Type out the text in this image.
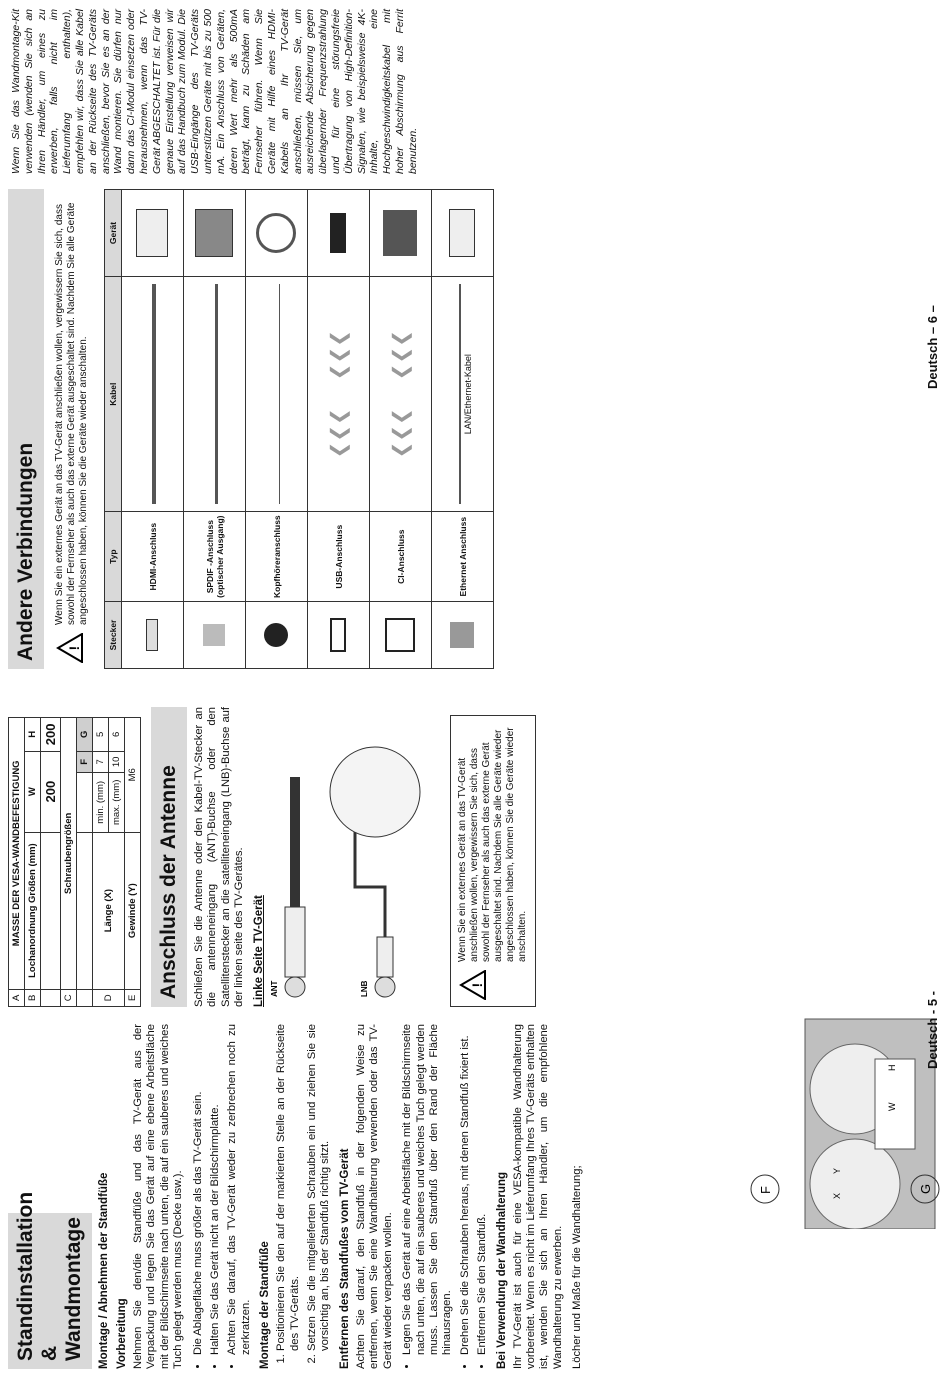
Standinstallation & Wandmontage	Montage / Abnehmen der Standfüße Vorbereitung Nehmen Sie den/die Standfüße und das TV-Gerät aus der Verpackung und legen Sie das Gerät auf eine ebene Arbeitsfläche mit der Bildschirmseite nach unten, die auf ein sauberes und weiches Tuch gelegt werden muss (Decke usw.). • Die Ablagefläche muss größer als das TV-Gerät sein. • Halten Sie das Gerät nicht an der Bildschirmplatte. • Achten Sie darauf, das TV-Gerät weder zu zerbrechen noch zu zerkratzen. Montage der Standfüße 1. Positionieren Sie den auf der markierten Stelle an der Rückseite des TV-Geräts. 2. Setzen Sie die mitgelieferten Schrauben ein und ziehen Sie sie vorsichtig an, bis der Standfuß richtig sitzt. Entfernen des Standfußes vom TV-Gerät Achten Sie darauf, den Standfuß in der folgenden Weise zu entfernen, wenn Sie eine Wandhalterung verwenden oder das TV-Gerät wieder verpacken wollen. • Legen Sie das Gerät auf eine Arbeitsfläche mit der Bildschirmseite nach unten, die auf ein sauberes und weiches Tuch gelegt werden muss. Lassen Sie den Standfuß über den Rand der Fläche hinausragen. • Drehen Sie die Schrauben heraus, mit denen Standfuß fixiert ist. • Entfernen Sie den Standfuß. Bei Verwendung der Wandhalterung Ihr TV-Gerät ist auch für eine VESA-kompatible Wandhalterung vorbereitet. Wenn es nicht im Lieferumfang Ihres TV-Geräts enthalten ist, wenden Sie sich an Ihren Händler, um die empfohlene Wandhalterung zu erwerben. Löcher und Maße für die Wandhalterung;	F	G
X
Y
W
H
A	MASSE DER VESA-WANDBEFESTIGUNG			
B	Lochanordnung Größen (mm)	W		H
		200		200
C	Schraubengrößen			
			F	G
D	Länge (X)	min. (mm)	7	5
		max. (mm)	10	6
E	Gewinde (Y)	M6		Anschluss der Antenne	Schließen Sie die Antenne oder den Kabel-TV-Stecker an die antenneneingang (ANT)-Buchse oder den Satellitenstecker an die satelliteneingang (LNB)-Buchse auf der linken seite des TV-Gerätes. Linke Seite TV-Gerät ANT	LNB	!
Wenn Sie ein externes Gerät an das TV-Gerät anschließen wollen, vergewissern Sie sich, dass sowohl der Fernseher als auch das externe Gerät ausgeschaltet sind. Nachdem Sie alle Geräte wieder angeschlossen haben, können Sie die Geräte wieder anschalten.
Deutsch - 5 -
Andere Verbindungen	!
Wenn Sie ein externes Gerät an das TV-Gerät anschließen wollen, vergewissern Sie sich, dass sowohl der Fernseher als auch das externe Gerät ausgeschaltet sind. Nachdem Sie alle Geräte angeschlossen haben, können Sie die Geräte wieder anschalten.
Stecker	Typ	Kabel	Gerät
	HDMI-Anschluss		
	SPDIF -Anschluss (optischer Ausgang)		
	Kopfhöreranschluss		
	USB-Anschluss	❮❮❮     ❮❮❮	
	CI-Anschluss	❮❮❮     ❮❮❮	
	Ethernet Anschluss	LAN/Ethernet-Kabel	

Wenn Sie das Wandmontage-Kit verwenden (wenden Sie sich an Ihren Händler, um eines zu erwerben, falls nicht im Lieferumfang enthalten), empfehlen wir, dass Sie alle Kabel an der Rückseite des TV-Geräts anschließen, bevor Sie es an der Wand montieren. Sie dürfen nur dann das CI-Modul einsetzen oder herausnehmen, wenn das TV-Gerät ABGESCHALTET ist. Für die genaue Einstellung verweisen wir auf das Handbuch zum Modul. Die USB-Eingänge des TV-Geräts unterstützen Geräte mit bis zu 500 mA. Ein Anschluss von Geräten, deren Wert mehr als 500mA beträgt, kann zu Schäden am Fernseher führen. Wenn Sie Geräte mit Hilfe eines HDMI-Kabels an Ihr TV-Gerät anschließen, müssen Sie, um ausreichende Absicherung gegen überlagernder Frequenzstrahlung und für eine störungsfreie Übertragung von High-Definition-Signalen, wie beispielsweise 4K-Inhalte, eine Hochgeschwindigkeitskabel mit hoher Abschirmung aus Ferrit benutzen.

Deutsch – 6 –
